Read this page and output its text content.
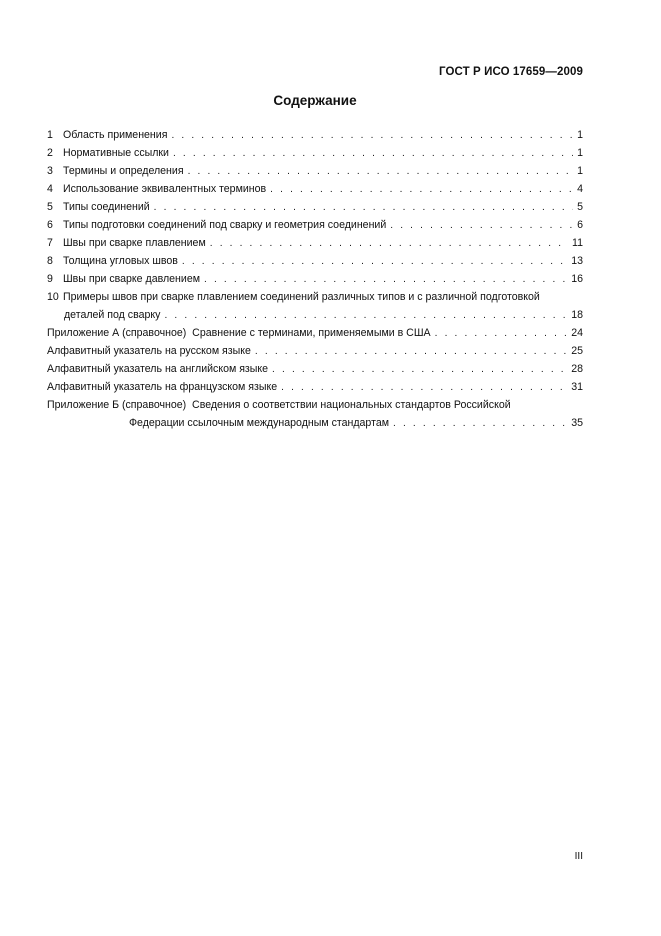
ГОСТ Р ИСО 17659—2009
Содержание
1 Область применения . . .	1
2 Нормативные ссылки . . .	1
3 Термины и определения . . .	1
4 Использование эквивалентных терминов . . .	4
5 Типы соединений . . .	5
6 Типы подготовки соединений под сварку и геометрия соединений . . .	6
7 Швы при сварке плавлением . . .	11
8 Толщина угловых швов . . .	13
9 Швы при сварке давлением . . .	16
10 Примеры швов при сварке плавлением соединений различных типов и с различной подготовкой
деталей под сварку . . .	18
Приложение А (справочное)  Сравнение с терминами, применяемыми в США . . .	24
Алфавитный указатель на русском языке . . .	25
Алфавитный указатель на английском языке . . .	28
Алфавитный указатель на французском языке . . .	31
Приложение Б (справочное)  Сведения о соответствии национальных стандартов Российской
Федерации ссылочным международным стандартам . . .	35
III
